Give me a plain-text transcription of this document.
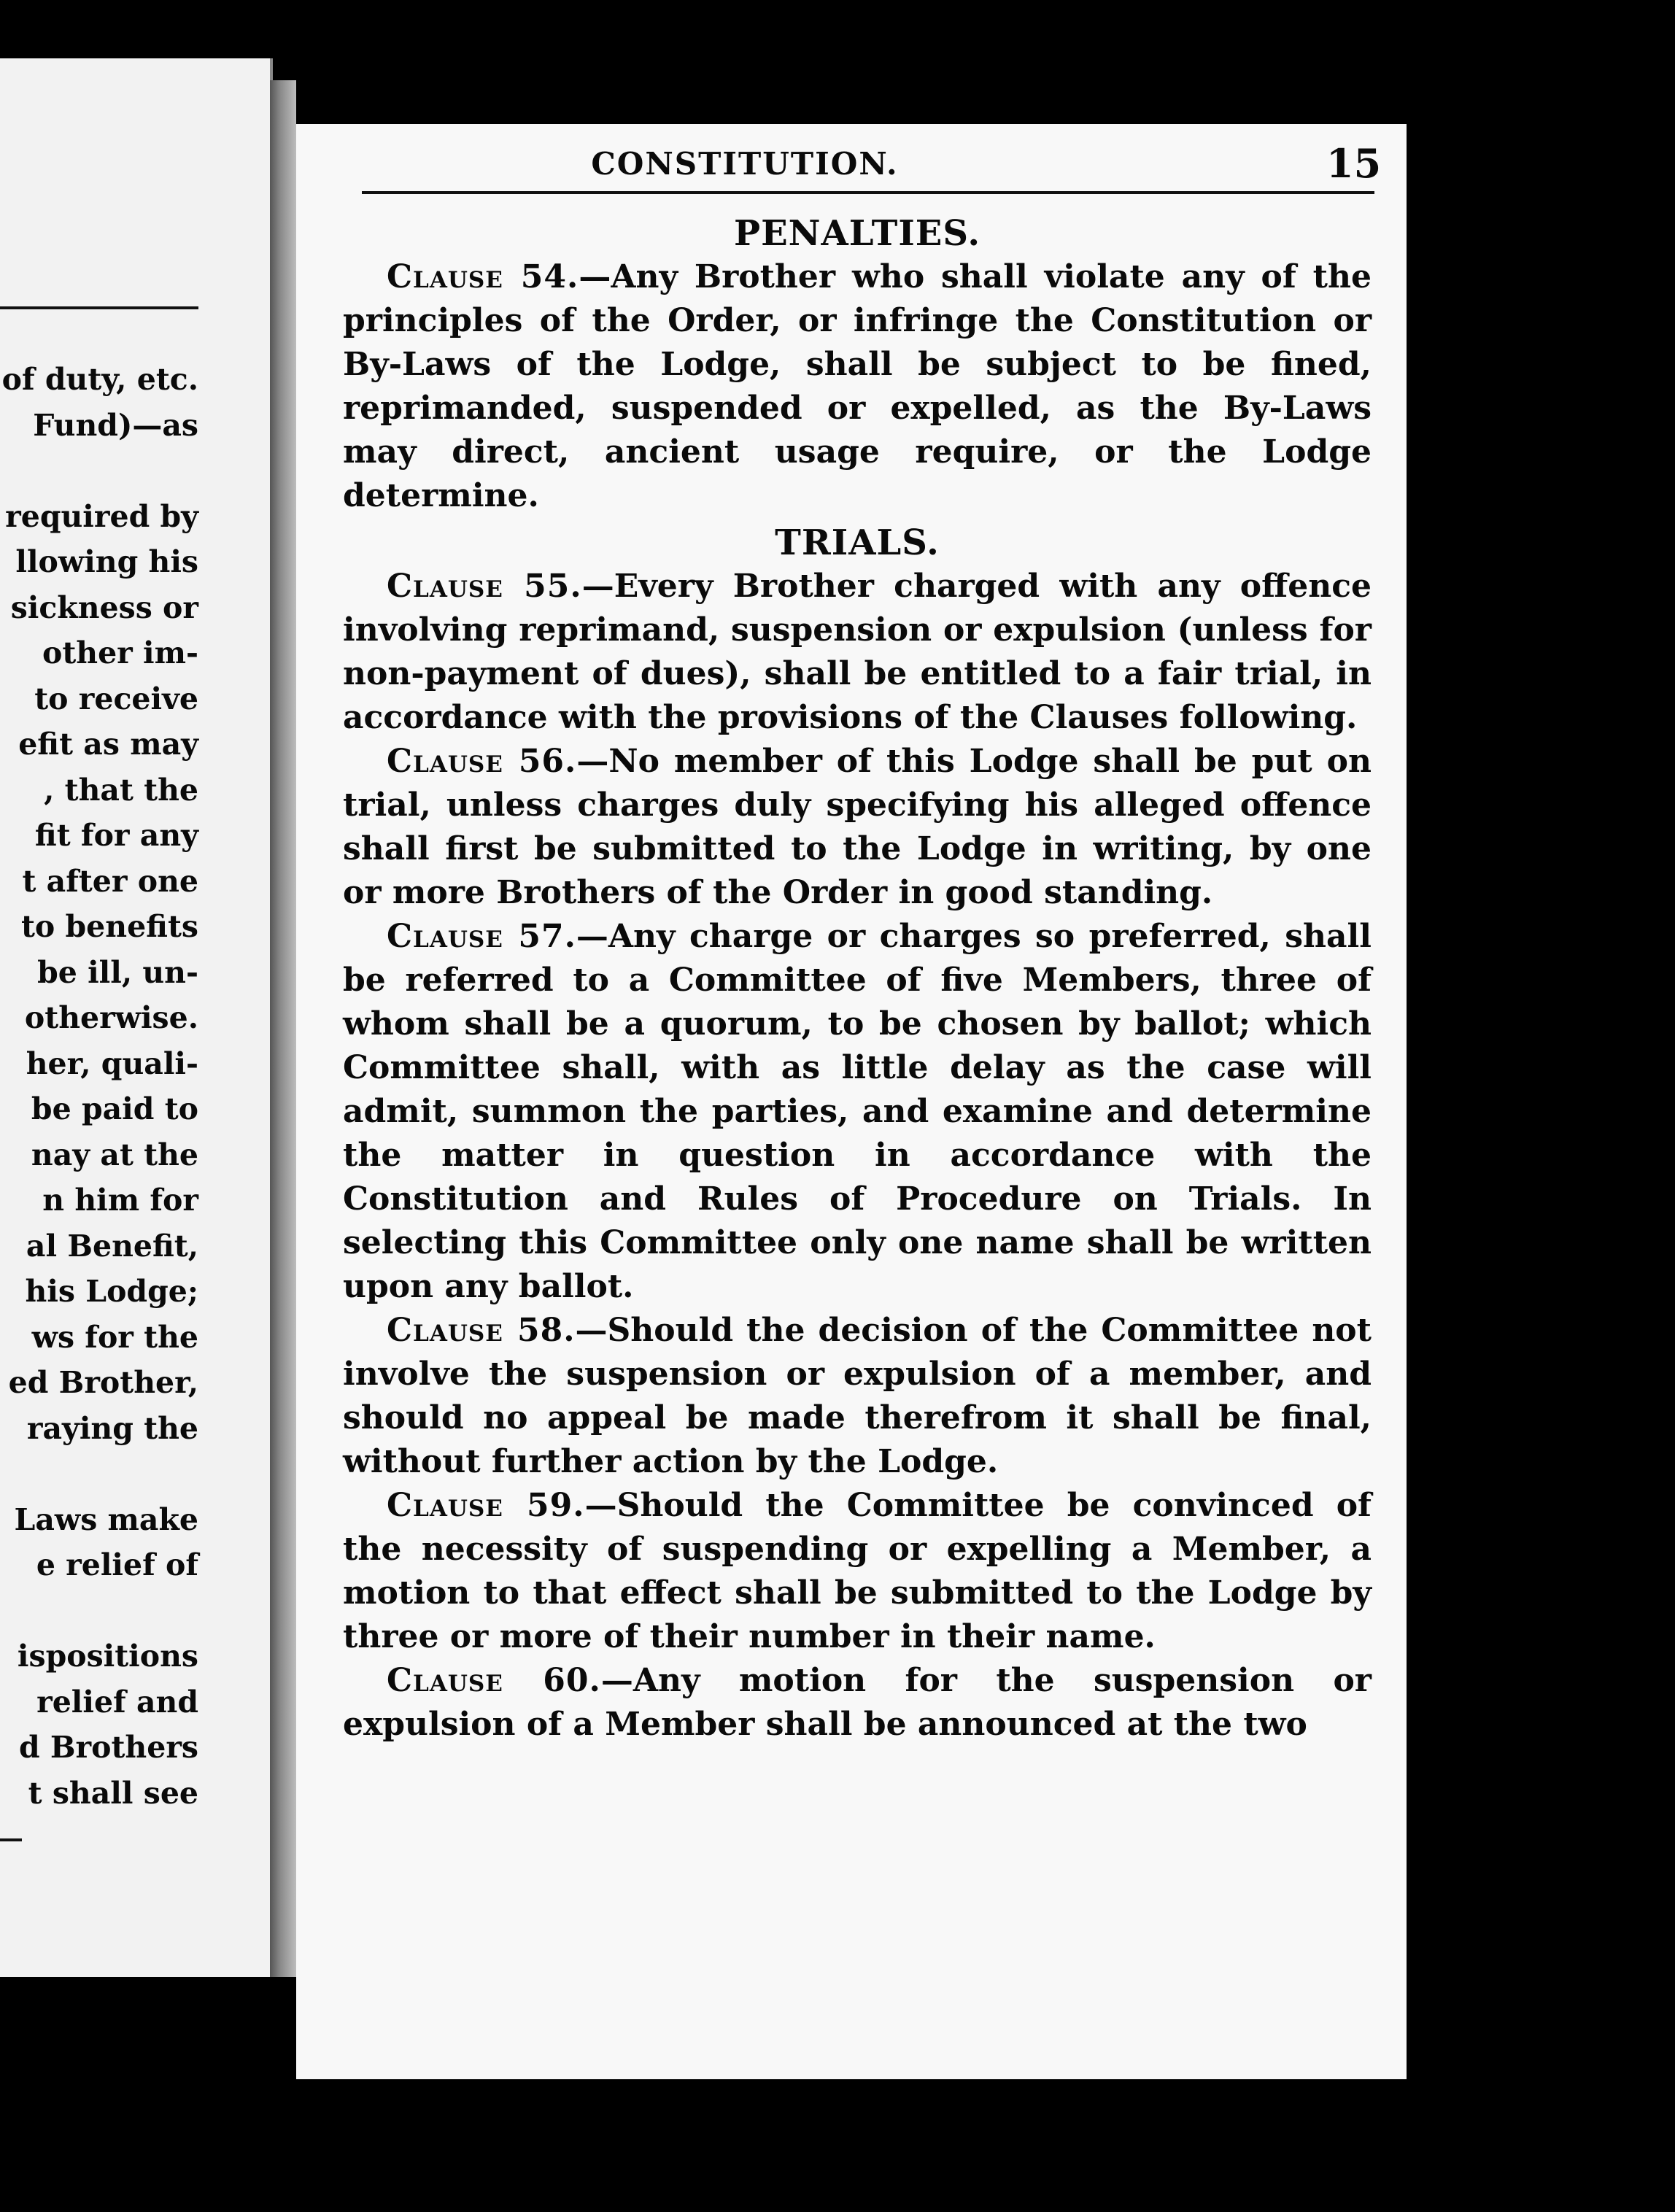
of duty, etc.
Fund)—as
required by
llowing his
sickness or
other im-
to receive
efit as may
, that the
fit for any
t after one
to benefits
be ill, un-
otherwise.
her, quali-
be paid to
nay at the
n him for
al Benefit,
his Lodge;
ws for the
ed Brother,
raying the
Laws make
e relief of
ispositions
relief and
d Brothers
t shall see
CONSTITUTION.	15
PENALTIES.

Clause 54.—Any Brother who shall violate any of the principles of the Order, or infringe the Constitution or By-Laws of the Lodge, shall be subject to be fined, reprimanded, suspended or expelled, as the By-Laws may direct, ancient usage require, or the Lodge determine.

TRIALS.

Clause 55.—Every Brother charged with any offence involving reprimand, suspension or expulsion (unless for non-payment of dues), shall be entitled to a fair trial, in accordance with the provisions of the Clauses following.

Clause 56.—No member of this Lodge shall be put on trial, unless charges duly specifying his alleged offence shall first be submitted to the Lodge in writing, by one or more Brothers of the Order in good standing.

Clause 57.—Any charge or charges so preferred, shall be referred to a Committee of five Members, three of whom shall be a quorum, to be chosen by ballot; which Committee shall, with as little delay as the case will admit, summon the parties, and examine and determine the matter in question in accordance with the Constitution and Rules of Procedure on Trials. In selecting this Committee only one name shall be written upon any ballot.

Clause 58.—Should the decision of the Committee not involve the suspension or expulsion of a member, and should no appeal be made therefrom it shall be final, without further action by the Lodge.

Clause 59.—Should the Committee be convinced of the necessity of suspending or expelling a Member, a motion to that effect shall be submitted to the Lodge by three or more of their number in their name.

Clause 60.—Any motion for the suspension or expulsion of a Member shall be announced at the two
